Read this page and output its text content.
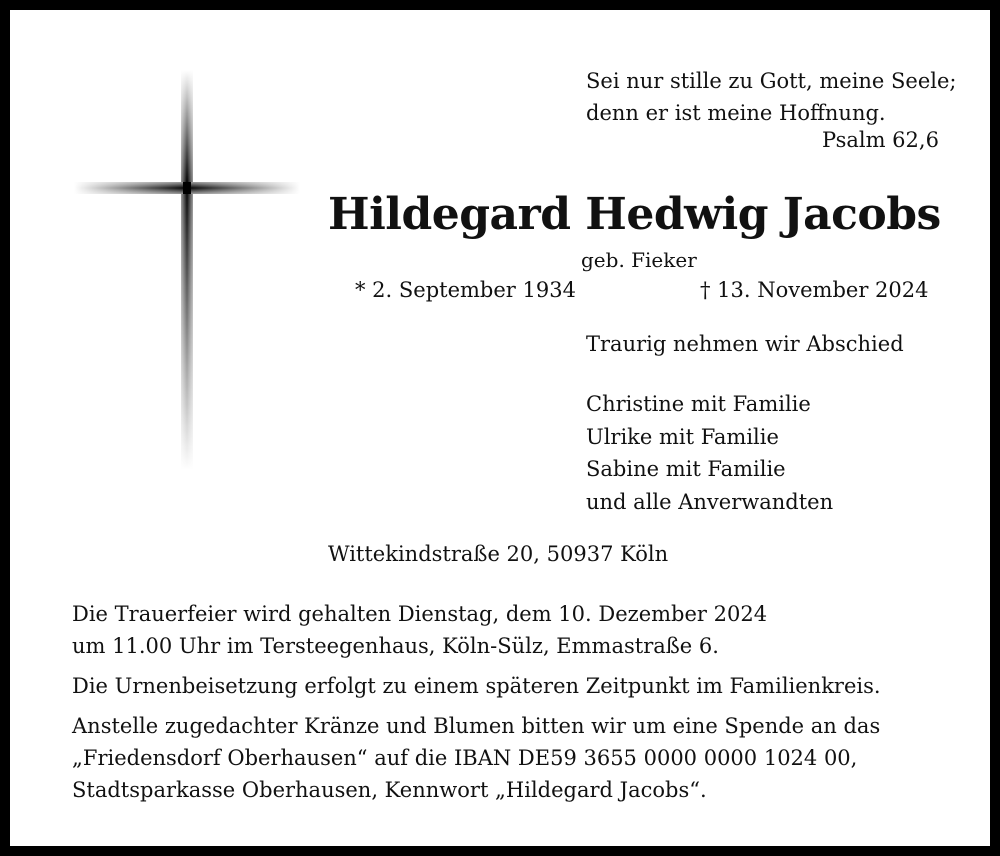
Sei nur stille zu Gott, meine Seele;
denn er ist meine Hoffnung.
Psalm 62,6
Hildegard Hedwig Jacobs
geb. Fieker
* 2. September 1934	† 13. November 2024
Traurig nehmen wir Abschied
Christine mit Familie
Ulrike mit Familie
Sabine mit Familie
und alle Anverwandten
Wittekindstraße 20, 50937 Köln
Die Trauerfeier wird gehalten Dienstag, dem 10. Dezember 2024
um 11.00 Uhr im Tersteegenhaus, Köln-Sülz, Emmastraße 6.
Die Urnenbeisetzung erfolgt zu einem späteren Zeitpunkt im Familienkreis.
Anstelle zugedachter Kränze und Blumen bitten wir um eine Spende an das
„Friedensdorf Oberhausen“ auf die IBAN DE59 3655 0000 0000 1024 00,
Stadtsparkasse Oberhausen, Kennwort „Hildegard Jacobs“.
